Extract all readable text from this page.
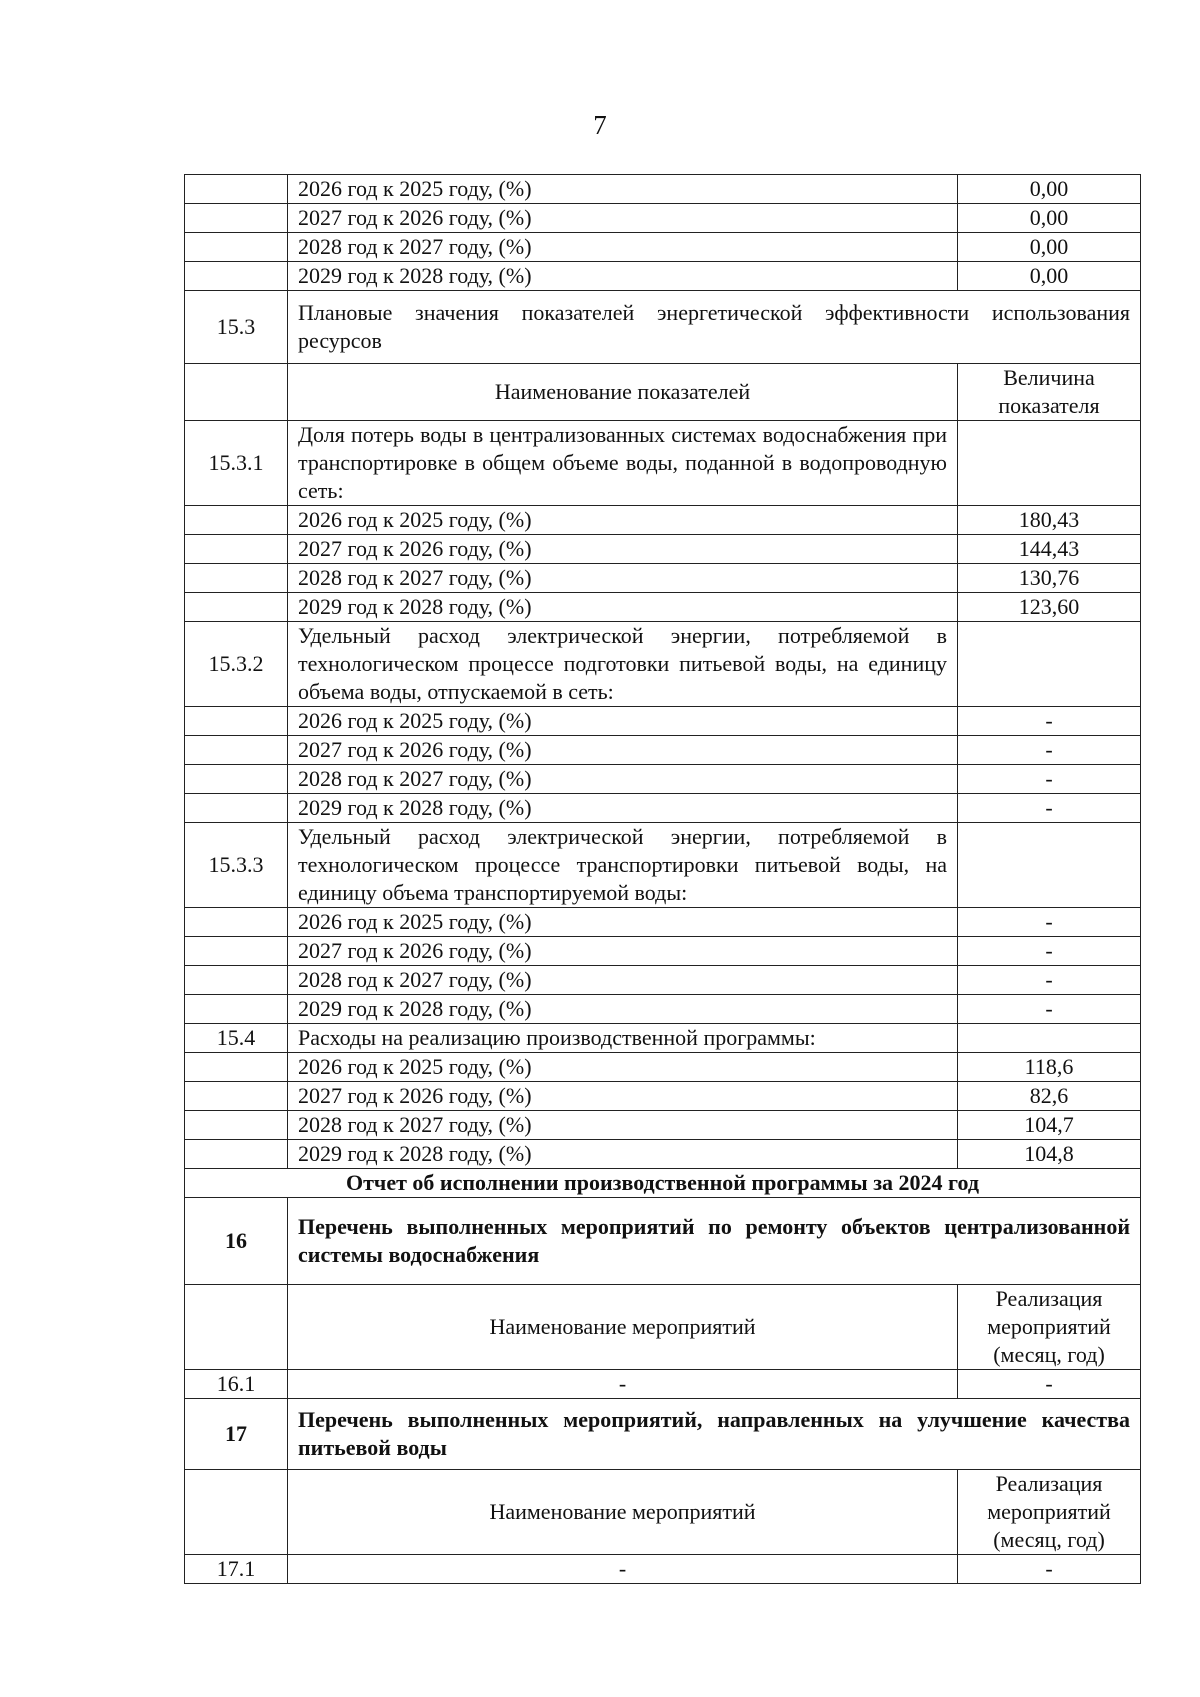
7
	2026 год к 2025 году, (%)	0,00
	2027 год к 2026 году, (%)	0,00
	2028 год к 2027 году, (%)	0,00
	2029 год к 2028 году, (%)	0,00
15.3	Плановые значения показателей энергетической эффективности использования ресурсов	
	Наименование показателей	Величина показателя
15.3.1	Доля потерь воды в централизованных системах водоснабжения при транспортировке в общем объеме воды, поданной в водопроводную сеть:	
	2026 год к 2025 году, (%)	180,43
	2027 год к 2026 году, (%)	144,43
	2028 год к 2027 году, (%)	130,76
	2029 год к 2028 году, (%)	123,60
15.3.2	Удельный расход электрической энергии, потребляемой в технологическом процессе подготовки питьевой воды, на единицу объема воды, отпускаемой в сеть:	
	2026 год к 2025 году, (%)	-
	2027 год к 2026 году, (%)	-
	2028 год к 2027 году, (%)	-
	2029 год к 2028 году, (%)	-
15.3.3	Удельный расход электрической энергии, потребляемой в технологическом процессе транспортировки питьевой воды, на единицу объема транспортируемой воды:	
	2026 год к 2025 году, (%)	-
	2027 год к 2026 году, (%)	-
	2028 год к 2027 году, (%)	-
	2029 год к 2028 году, (%)	-
15.4	Расходы на реализацию производственной программы:	
	2026 год к 2025 году, (%)	118,6
	2027 год к 2026 году, (%)	82,6
	2028 год к 2027 году, (%)	104,7
	2029 год к 2028 году, (%)	104,8
Отчет об исполнении производственной программы за 2024 год		
16	Перечень выполненных мероприятий по ремонту объектов централизованной системы водоснабжения	
	Наименование мероприятий	Реализация мероприятий (месяц, год)
16.1	-	-
17	Перечень выполненных мероприятий, направленных на улучшение качества питьевой воды	
	Наименование мероприятий	Реализация мероприятий (месяц, год)
17.1	-	-
